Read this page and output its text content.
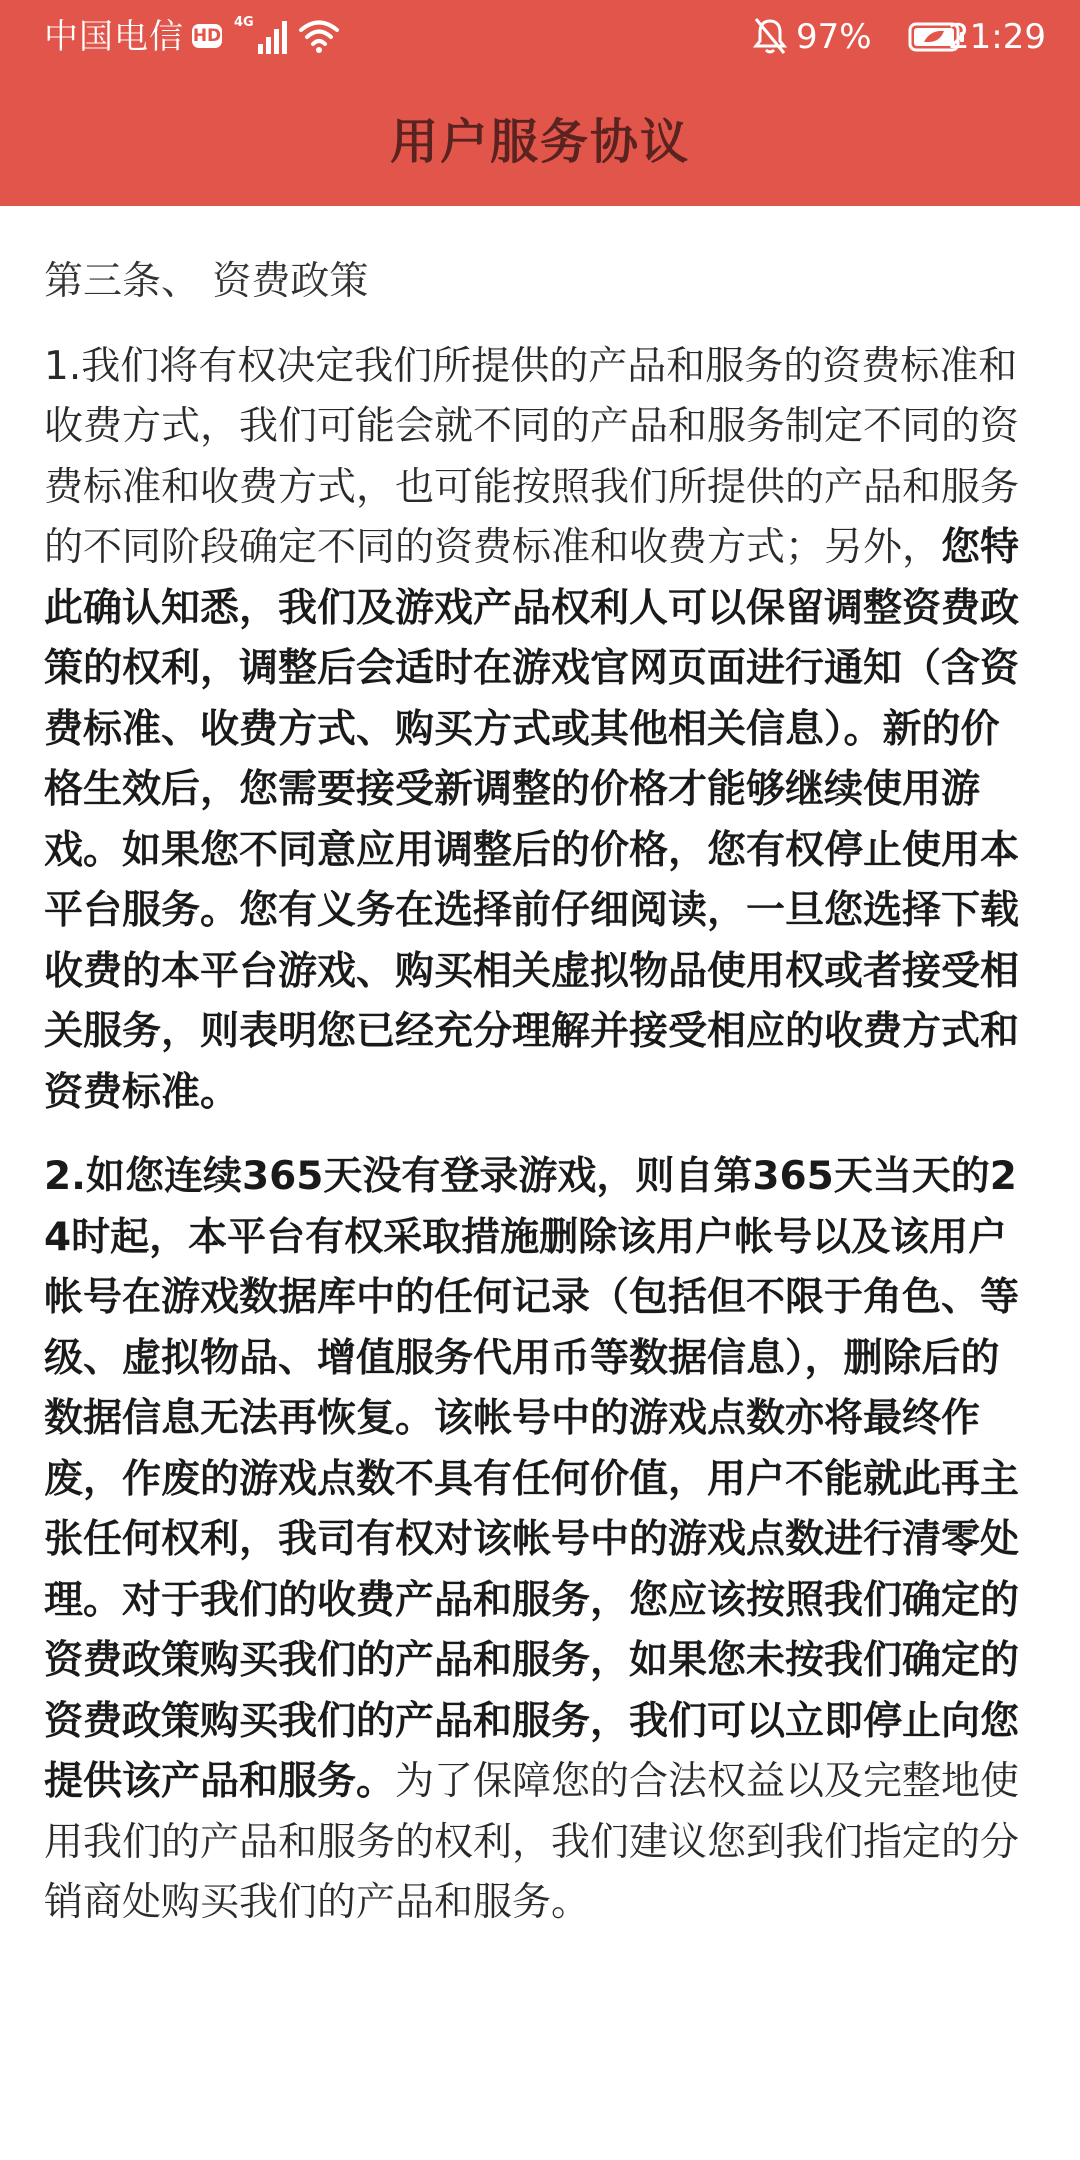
中国电信 HD
4G	97% 21:29
用户服务协议
第三条、 资费政策
1.我们将有权决定我们所提供的产品和服务的资费标准和收费方式，我们可能会就不同的产品和服务制定不同的资费标准和收费方式，也可能按照我们所提供的产品和服务的不同阶段确定不同的资费标准和收费方式；另外，您特此确认知悉，我们及游戏产品权利人可以保留调整资费政策的权利，调整后会适时在游戏官网页面进行通知（含资费标准、收费方式、购买方式或其他相关信息）。新的价格生效后，您需要接受新调整的价格才能够继续使用游戏。如果您不同意应用调整后的价格，您有权停止使用本平台服务。您有义务在选择前仔细阅读，一旦您选择下载收费的本平台游戏、购买相关虚拟物品使用权或者接受相关服务，则表明您已经充分理解并接受相应的收费方式和资费标准。
2.如您连续365天没有登录游戏，则自第365天当天的24时起，本平台有权采取措施删除该用户帐号以及该用户帐号在游戏数据库中的任何记录（包括但不限于角色、等级、虚拟物品、增值服务代用币等数据信息），删除后的数据信息无法再恢复。该帐号中的游戏点数亦将最终作废，作废的游戏点数不具有任何价值，用户不能就此再主张任何权利，我司有权对该帐号中的游戏点数进行清零处理。对于我们的收费产品和服务，您应该按照我们确定的资费政策购买我们的产品和服务，如果您未按我们确定的资费政策购买我们的产品和服务，我们可以立即停止向您提供该产品和服务。为了保障您的合法权益以及完整地使用我们的产品和服务的权利，我们建议您到我们指定的分销商处购买我们的产品和服务。
